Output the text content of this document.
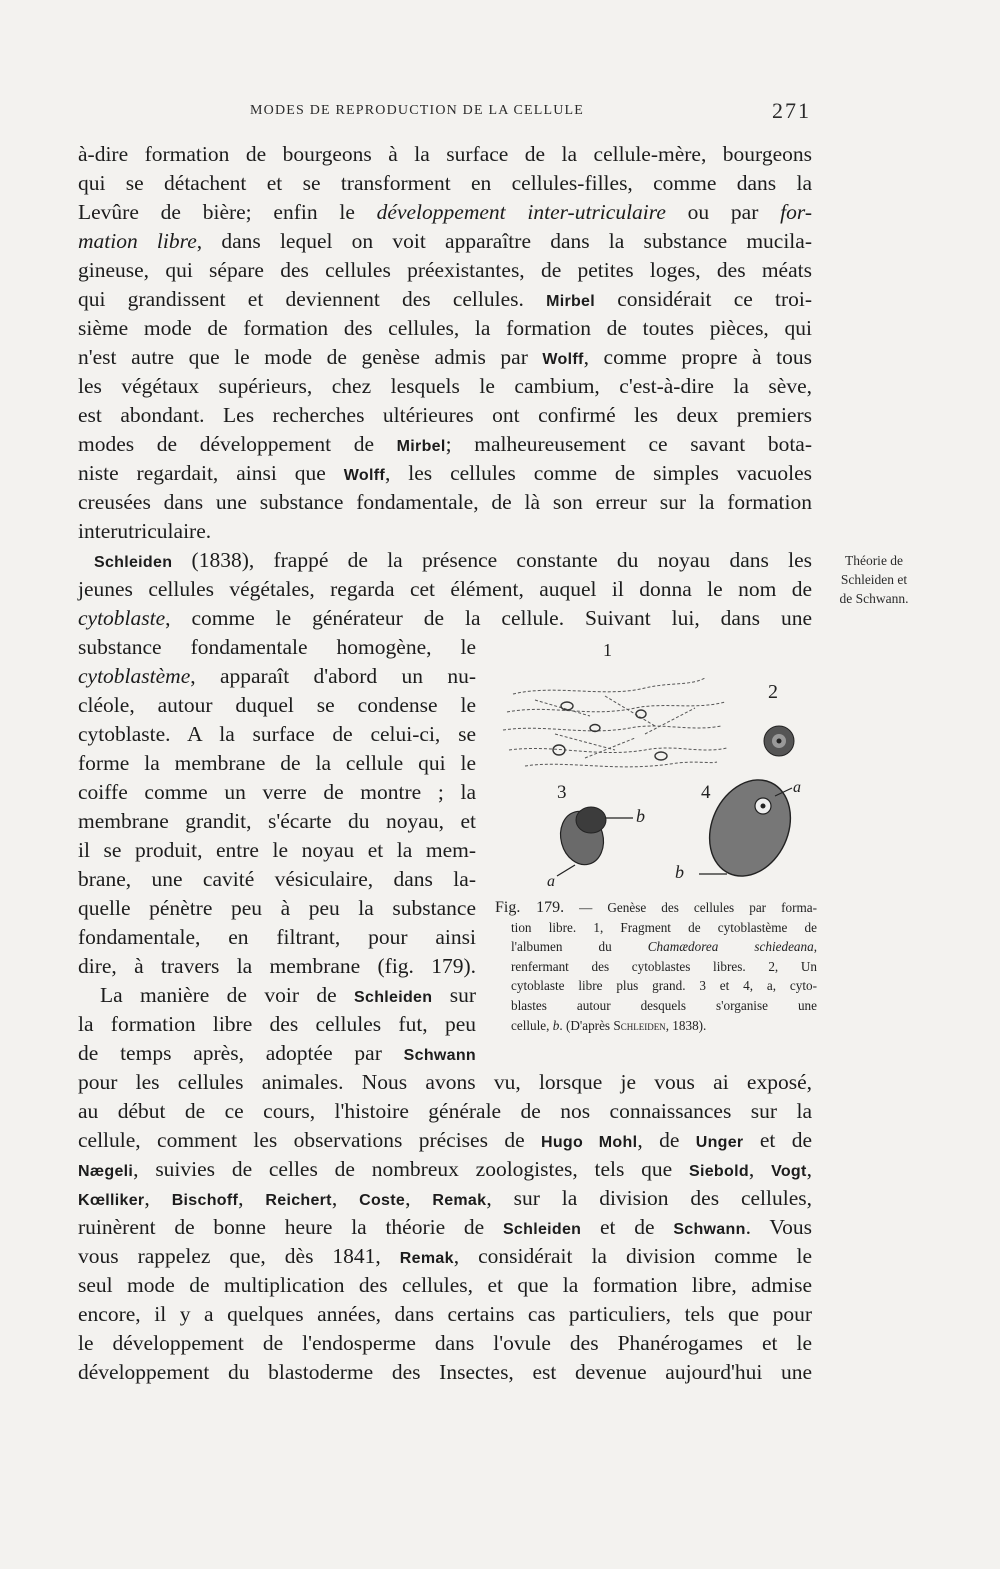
MODES DE REPRODUCTION DE LA CELLULE	271
à-dire formation de bourgeons à la surface de la cellule-mère, bourgeons
qui se détachent et se transforment en cellules-filles, comme dans la
Levûre de bière; enfin le développement inter-utriculaire ou par for-
mation libre, dans lequel on voit apparaître dans la substance mucila-
gineuse, qui sépare des cellules préexistantes, de petites loges, des méats
qui grandissent et deviennent des cellules. Mirbel considérait ce troi-
sième mode de formation des cellules, la formation de toutes pièces, qui
n'est autre que le mode de genèse admis par Wolff, comme propre à tous
les végétaux supérieurs, chez lesquels le cambium, c'est-à-dire la sève,
est abondant. Les recherches ultérieures ont confirmé les deux premiers
modes de développement de Mirbel; malheureusement ce savant bota-
niste regardait, ainsi que Wolff, les cellules comme de simples vacuoles
creusées dans une substance fondamentale, de là son erreur sur la formation
interutriculaire.
Schleiden (1838), frappé de la présence constante du noyau dans les
jeunes cellules végétales, regarda cet élément, auquel il donna le nom de
cytoblaste, comme le générateur de la cellule. Suivant lui, dans une
Théorie de
Schleiden et
de Schwann.
substance fondamentale homogène, le
cytoblastème, apparaît d'abord un nu-
cléole, autour duquel se condense le
cytoblaste. A la surface de celui-ci, se
forme la membrane de la cellule qui le
coiffe comme un verre de montre ; la
membrane grandit, s'écarte du noyau, et
il se produit, entre le noyau et la mem-
brane, une cavité vésiculaire, dans la-
quelle pénètre peu à peu la substance
fondamentale, en filtrant, pour ainsi
dire, à travers la membrane (fig. 179).
La manière de voir de Schleiden sur
la formation libre des cellules fut, peu
de temps après, adoptée par Schwann
1
2
3	4	a
a
b
b
Fig. 179. — Genèse des cellules par forma-
tion libre. 1, Fragment de cytoblastème de
l'albumen du Chamædorea schiedeana,
renfermant des cytoblastes libres. 2, Un
cytoblaste libre plus grand. 3 et 4, a, cyto-
blastes autour desquels s'organise une
cellule, b. (D'après Schleiden, 1838).
pour les cellules animales. Nous avons vu, lorsque je vous ai exposé,
au début de ce cours, l'histoire générale de nos connaissances sur la
cellule, comment les observations précises de Hugo Mohl, de Unger et de
Nægeli, suivies de celles de nombreux zoologistes, tels que Siebold, Vogt,
Kœlliker, Bischoff, Reichert, Coste, Remak, sur la division des cellules,
ruinèrent de bonne heure la théorie de Schleiden et de Schwann. Vous
vous rappelez que, dès 1841, Remak, considérait la division comme le
seul mode de multiplication des cellules, et que la formation libre, admise
encore, il y a quelques années, dans certains cas particuliers, tels que pour
le développement de l'endosperme dans l'ovule des Phanérogames et le
développement du blastoderme des Insectes, est devenue aujourd'hui une
